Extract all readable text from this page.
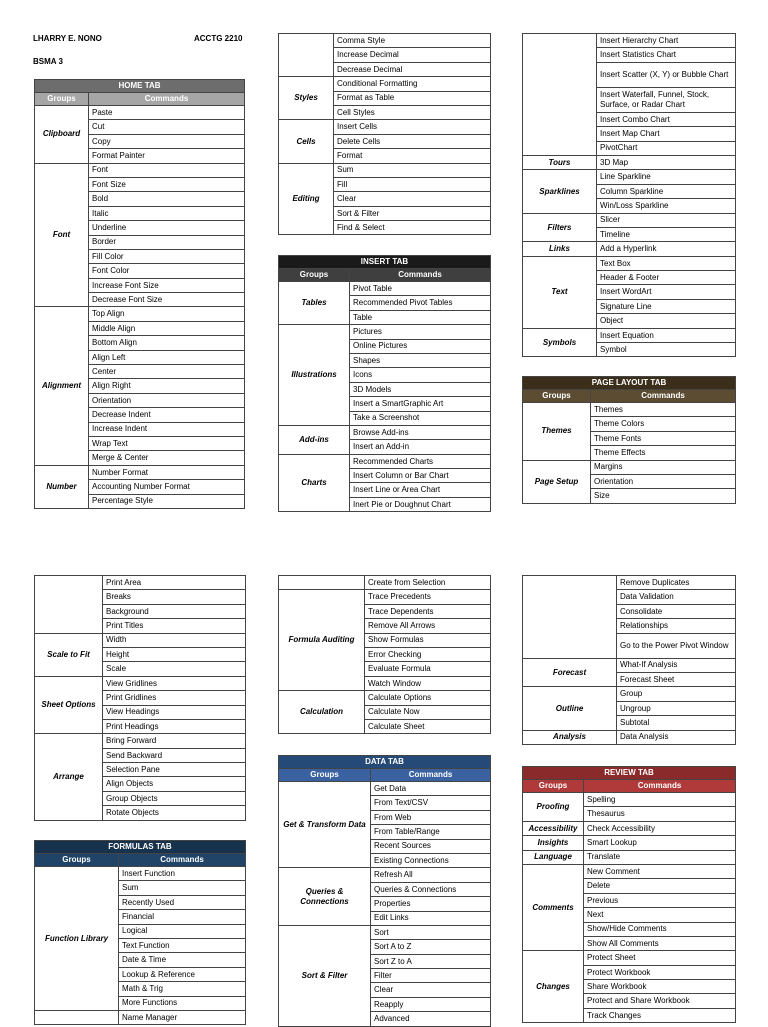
LHARRY E. NONO	ACCTG 2210
BSMA 3
HOME TAB	
Groups	Commands
Clipboard	Paste
	Cut
	Copy
	Format Painter
Font	Font
	Font Size
	Bold
	Italic
	Underline
	Border
	Fill Color
	Font Color
	Increase Font Size
	Decrease Font Size
Alignment	Top Align
	Middle Align
	Bottom Align
	Align Left
	Center
	Align Right
	Orientation
	Decrease Indent
	Increase Indent
	Wrap Text
	Merge & Center
Number	Number Format
	Accounting Number Format
	Percentage Style
	Comma Style
	Increase Decimal
	Decrease Decimal
Styles	Conditional Formatting
	Format as Table
	Cell Styles
Cells	Insert Cells
	Delete Cells
	Format
Editing	Sum
	Fill
	Clear
	Sort & Filter
	Find & Select
INSERT TAB	
Groups	Commands
Tables	Pivot Table
	Recommended Pivot Tables
	Table
Illustrations	Pictures
	Online Pictures
	Shapes
	Icons
	3D Models
	Insert a SmartGraphic Art
	Take a Screenshot
Add-ins	Browse Add-ins
	Insert an Add-in
Charts	Recommended Charts
	Insert Column or Bar Chart
	Insert Line or Area Chart
	Inert Pie or Doughnut Chart
	Insert Hierarchy Chart
	Insert Statistics Chart
	Insert Scatter (X, Y) or Bubble Chart
	Insert Waterfall, Funnel, Stock, Surface, or Radar Chart
	Insert Combo Chart
	Insert Map Chart
	PivotChart
Tours	3D Map
Sparklines	Line Sparkline
	Column Sparkline
	Win/Loss Sparkline
Filters	Slicer
	Timeline
Links	Add a Hyperlink
Text	Text Box
	Header & Footer
	Insert WordArt
	Signature Line
	Object
Symbols	Insert Equation
	Symbol
PAGE LAYOUT TAB	
Groups	Commands
Themes	Themes
	Theme Colors
	Theme Fonts
	Theme Effects
Page Setup	Margins
	Orientation
	Size
	Print Area
	Breaks
	Background
	Print Titles
Scale to Fit	Width
	Height
	Scale
Sheet Options	View Gridlines
	Print Gridlines
	View Headings
	Print Headings
Arrange	Bring Forward
	Send Backward
	Selection Pane
	Align Objects
	Group Objects
	Rotate Objects
FORMULAS TAB	
Groups	Commands
Function Library	Insert Function
	Sum
	Recently Used
	Financial
	Logical
	Text Function
	Date & Time
	Lookup & Reference
	Math & Trig
	More Functions
	Name Manager
	Create from Selection
Formula Auditing	Trace Precedents
	Trace Dependents
	Remove All Arrows
	Show Formulas
	Error Checking
	Evaluate Formula
	Watch Window
Calculation	Calculate Options
	Calculate Now
	Calculate Sheet
DATA TAB	
Groups	Commands
Get & Transform Data	Get Data
	From Text/CSV
	From Web
	From Table/Range
	Recent Sources
	Existing Connections
Queries & Connections	Refresh All
	Queries & Connections
	Properties
	Edit Links
Sort & Filter	Sort
	Sort A to Z
	Sort Z to A
	Filter
	Clear
	Reapply
	Advanced
	Remove Duplicates
	Data Validation
	Consolidate
	Relationships
	Go to the Power Pivot Window
Forecast	What-If Analysis
	Forecast Sheet
Outline	Group
	Ungroup
	Subtotal
Analysis	Data Analysis
REVIEW TAB	
Groups	Commands
Proofing	Spelling
	Thesaurus
Accessibility	Check Accessibility
Insights	Smart Lookup
Language	Translate
Comments	New Comment
	Delete
	Previous
	Next
	Show/Hide Comments
	Show All Comments
Changes	Protect Sheet
	Protect Workbook
	Share Workbook
	Protect and Share Workbook
	Track Changes
